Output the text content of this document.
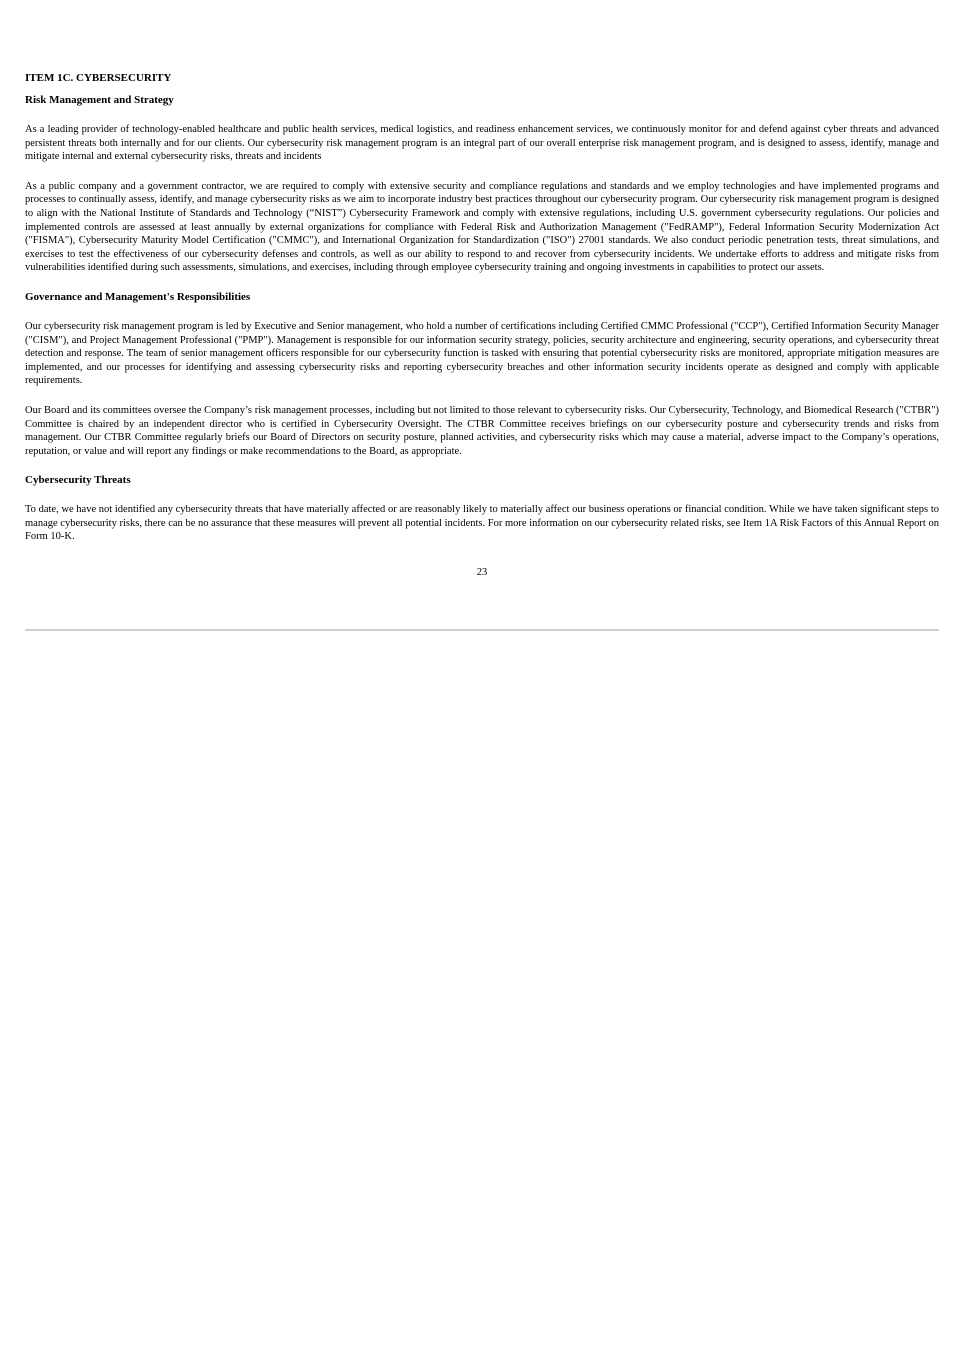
ITEM 1C. CYBERSECURITY
Risk Management and Strategy

As a leading provider of technology-enabled healthcare and public health services, medical logistics, and readiness enhancement services, we continuously monitor for and defend against cyber threats and advanced persistent threats both internally and for our clients. Our cybersecurity risk management program is an integral part of our overall enterprise risk management program, and is designed to assess, identify, manage and mitigate internal and external cybersecurity risks, threats and incidents

As a public company and a government contractor, we are required to comply with extensive security and compliance regulations and standards and we employ technologies and have implemented programs and processes to continually assess, identify, and manage cybersecurity risks as we aim to incorporate industry best practices throughout our cybersecurity program. Our cybersecurity risk management program is designed to align with the National Institute of Standards and Technology (“NIST”) Cybersecurity Framework and comply with extensive regulations, including U.S. government cybersecurity regulations. Our policies and implemented controls are assessed at least annually by external organizations for compliance with Federal Risk and Authorization Management ("FedRAMP"), Federal Information Security Modernization Act ("FISMA"), Cybersecurity Maturity Model Certification ("CMMC"), and International Organization for Standardization ("ISO") 27001 standards. We also conduct periodic penetration tests, threat simulations, and exercises to test the effectiveness of our cybersecurity defenses and controls, as well as our ability to respond to and recover from cybersecurity incidents. We undertake efforts to address and mitigate risks from vulnerabilities identified during such assessments, simulations, and exercises, including through employee cybersecurity training and ongoing investments in capabilities to protect our assets.

Governance and Management's Responsibilities

Our cybersecurity risk management program is led by Executive and Senior management, who hold a number of certifications including Certified CMMC Professional ("CCP"), Certified Information Security Manager ("CISM"), and Project Management Professional ("PMP"). Management is responsible for our information security strategy, policies, security architecture and engineering, security operations, and cybersecurity threat detection and response. The team of senior management officers responsible for our cybersecurity function is tasked with ensuring that potential cybersecurity risks are monitored, appropriate mitigation measures are implemented, and our processes for identifying and assessing cybersecurity risks and reporting cybersecurity breaches and other information security incidents operate as designed and comply with applicable requirements.

Our Board and its committees oversee the Company’s risk management processes, including but not limited to those relevant to cybersecurity risks. Our Cybersecurity, Technology, and Biomedical Research ("CTBR") Committee is chaired by an independent director who is certified in Cybersecurity Oversight. The CTBR Committee receives briefings on our cybersecurity posture and cybersecurity trends and risks from management. Our CTBR Committee regularly briefs our Board of Directors on security posture, planned activities, and cybersecurity risks which may cause a material, adverse impact to the Company’s operations, reputation, or value and will report any findings or make recommendations to the Board, as appropriate.

Cybersecurity Threats

To date, we have not identified any cybersecurity threats that have materially affected or are reasonably likely to materially affect our business operations or financial condition. While we have taken significant steps to manage cybersecurity risks, there can be no assurance that these measures will prevent all potential incidents. For more information on our cybersecurity related risks, see Item 1A Risk Factors of this Annual Report on Form 10-K.

23
